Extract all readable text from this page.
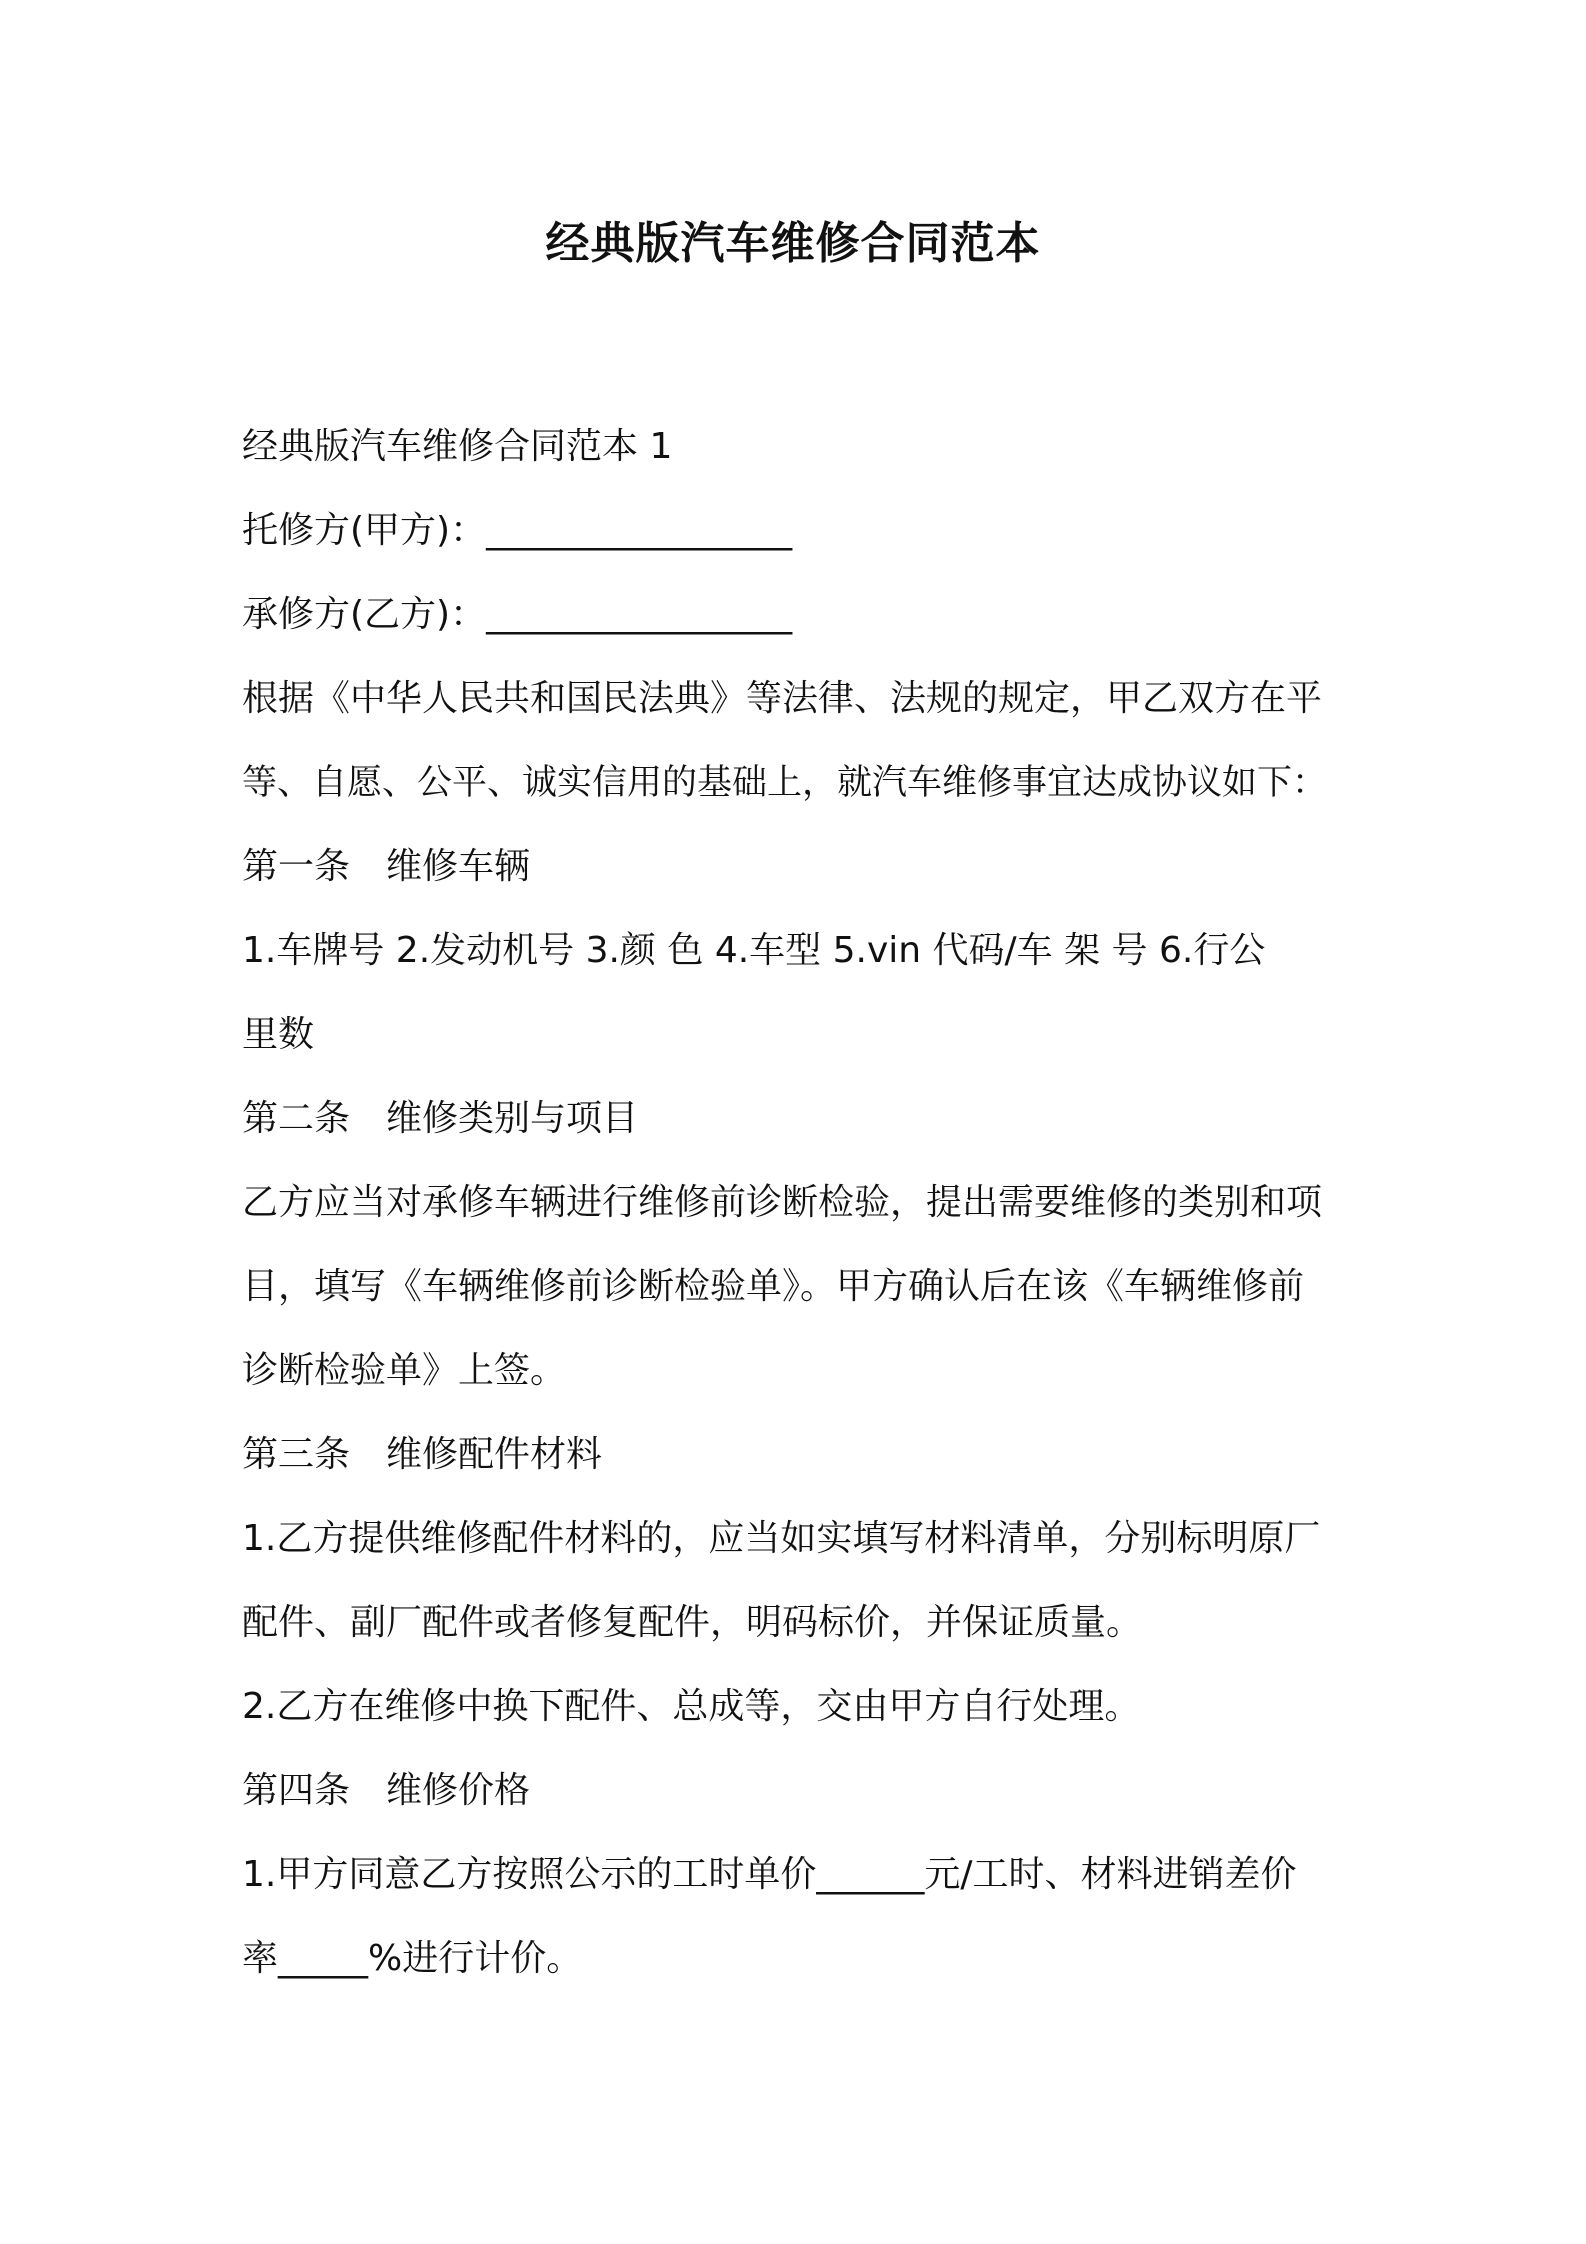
经典版汽车维修合同范本
经典版汽车维修合同范本 1
托修方(甲方)：_________________
承修方(乙方)：_________________
根据《中华人民共和国民法典》等法律、法规的规定，甲乙双方在平
等、自愿、公平、诚实信用的基础上，就汽车维修事宜达成协议如下：
第一条　维修车辆
1.车牌号 2.发动机号 3.颜 色 4.车型 5.vin 代码/车 架 号 6.行公
里数
第二条　维修类别与项目
乙方应当对承修车辆进行维修前诊断检验，提出需要维修的类别和项
目，填写《车辆维修前诊断检验单》。甲方确认后在该《车辆维修前
诊断检验单》上签。
第三条　维修配件材料
1.乙方提供维修配件材料的，应当如实填写材料清单，分别标明原厂
配件、副厂配件或者修复配件，明码标价，并保证质量。
2.乙方在维修中换下配件、总成等，交由甲方自行处理。
第四条　维修价格
1.甲方同意乙方按照公示的工时单价______元/工时、材料进销差价
率_____%进行计价。
